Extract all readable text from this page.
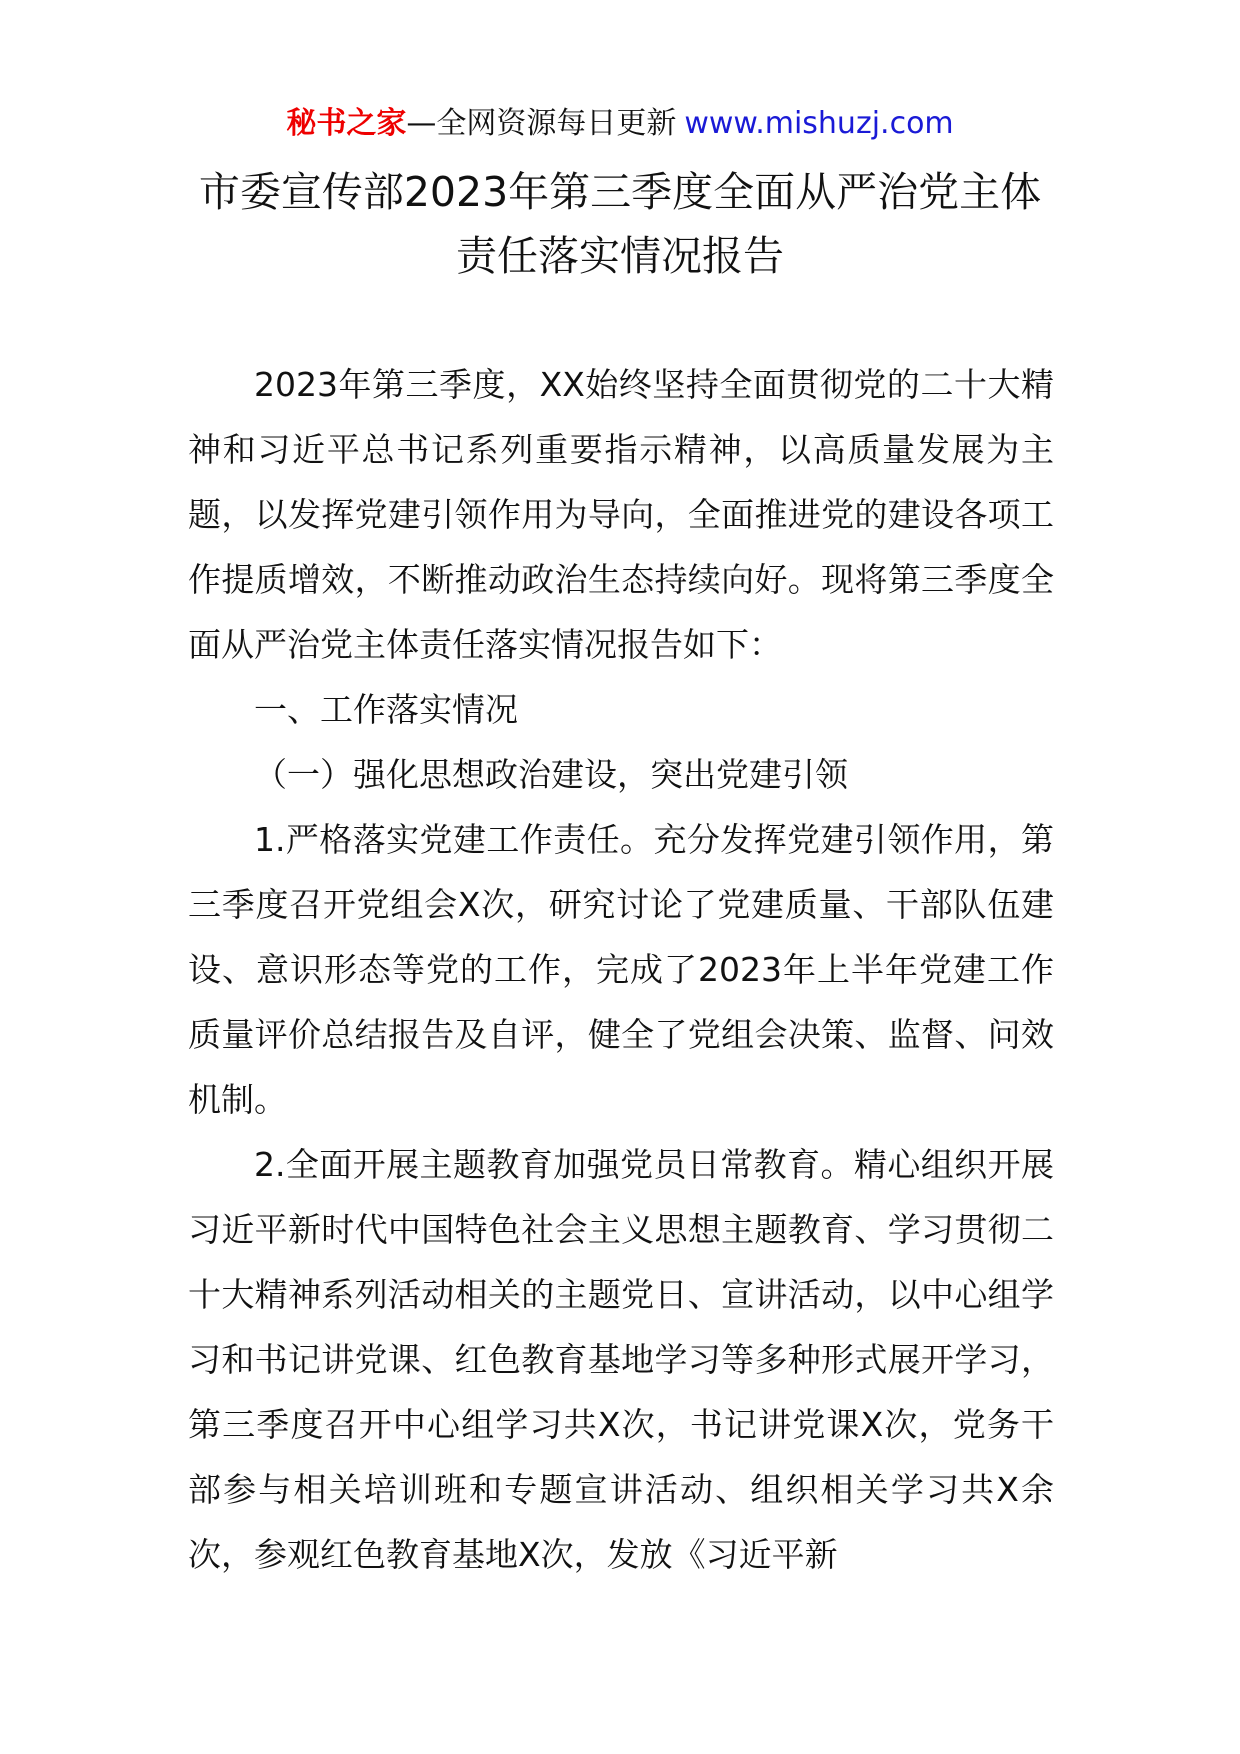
秘书之家—全网资源每日更新 www.mishuzj.com
市委宣传部2023年第三季度全面从严治党主体
责任落实情况报告

2023年第三季度，XX始终坚持全面贯彻党的二十大精神和习近平总书记系列重要指示精神，以高质量发展为主题，以发挥党建引领作用为导向，全面推进党的建设各项工作提质增效，不断推动政治生态持续向好。现将第三季度全面从严治党主体责任落实情况报告如下：

一、工作落实情况

（一）强化思想政治建设，突出党建引领

1.严格落实党建工作责任。充分发挥党建引领作用，第三季度召开党组会X次，研究讨论了党建质量、干部队伍建设、意识形态等党的工作，完成了2023年上半年党建工作质量评价总结报告及自评，健全了党组会决策、监督、问效机制。

2.全面开展主题教育加强党员日常教育。精心组织开展习近平新时代中国特色社会主义思想主题教育、学习贯彻二十大精神系列活动相关的主题党日、宣讲活动，以中心组学习和书记讲党课、红色教育基地学习等多种形式展开学习，第三季度召开中心组学习共X次，书记讲党课X次，党务干部参与相关培训班和专题宣讲活动、组织相关学习共X余次，参观红色教育基地X次，发放《习近平新
